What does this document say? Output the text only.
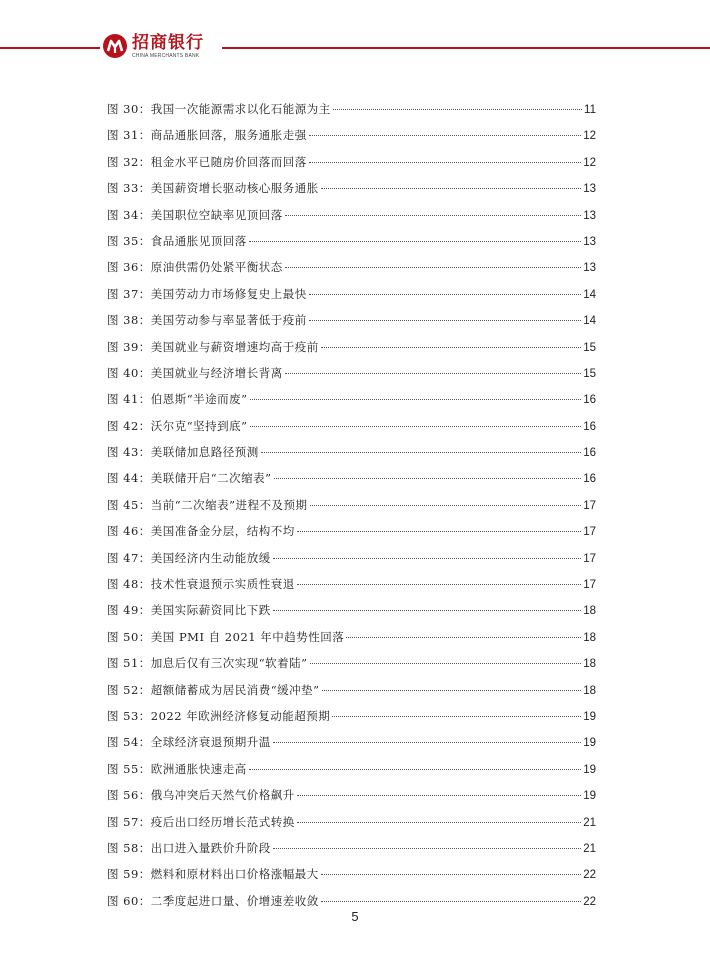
招商银行
CHINA MERCHANTS BANK
图 30：我国一次能源需求以化石能源为主	11
图 31：商品通胀回落，服务通胀走强	12
图 32：租金水平已随房价回落而回落	12
图 33：美国薪资增长驱动核心服务通胀	13
图 34：美国职位空缺率见顶回落	13
图 35：食品通胀见顶回落	13
图 36：原油供需仍处紧平衡状态	13
图 37：美国劳动力市场修复史上最快	14
图 38：美国劳动参与率显著低于疫前	14
图 39：美国就业与薪资增速均高于疫前	15
图 40：美国就业与经济增长背离	15
图 41：伯恩斯“半途而废”	16
图 42：沃尔克“坚持到底”	16
图 43：美联储加息路径预测	16
图 44：美联储开启“二次缩表”	16
图 45：当前“二次缩表”进程不及预期	17
图 46：美国准备金分层，结构不均	17
图 47：美国经济内生动能放缓	17
图 48：技术性衰退预示实质性衰退	17
图 49：美国实际薪资同比下跌	18
图 50：美国 PMI 自 2021 年中趋势性回落	18
图 51：加息后仅有三次实现“软着陆”	18
图 52：超额储蓄成为居民消费“缓冲垫”	18
图 53：2022 年欧洲经济修复动能超预期	19
图 54：全球经济衰退预期升温	19
图 55：欧洲通胀快速走高	19
图 56：俄乌冲突后天然气价格飙升	19
图 57：疫后出口经历增长范式转换	21
图 58：出口进入量跌价升阶段	21
图 59：燃料和原材料出口价格涨幅最大	22
图 60：二季度起进口量、价增速差收敛	22
5
